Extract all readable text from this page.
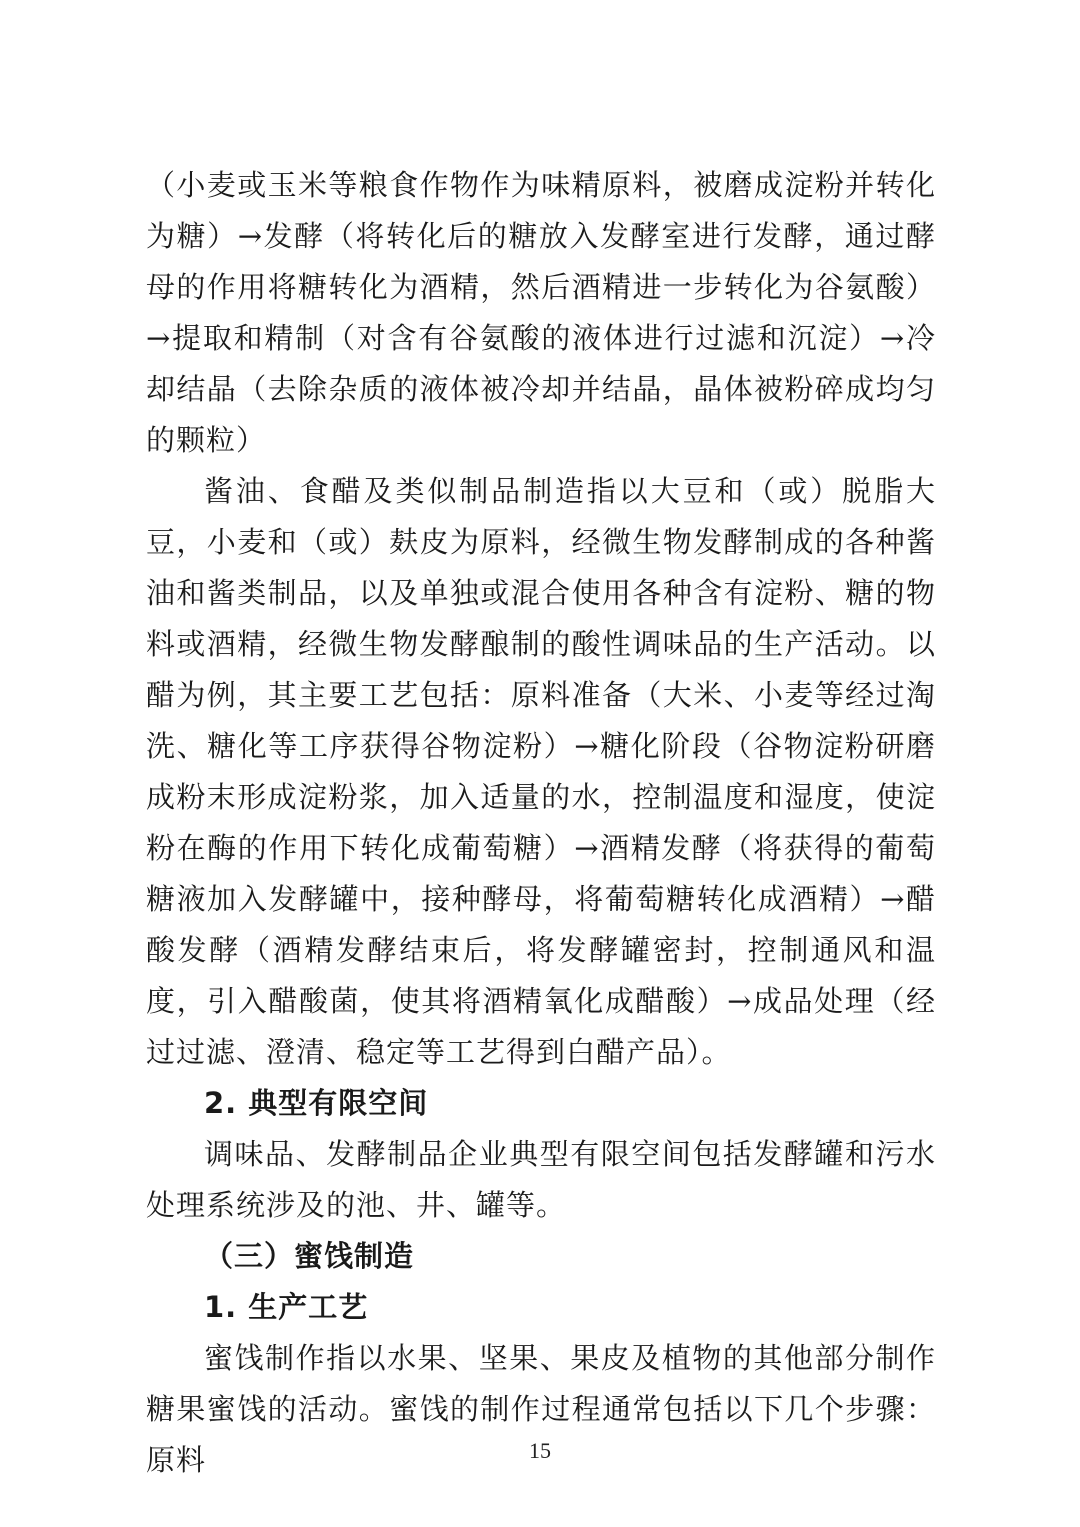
（小麦或玉米等粮食作物作为味精原料，被磨成淀粉并转化为糖）→发酵（将转化后的糖放入发酵室进行发酵，通过酵母的作用将糖转化为酒精，然后酒精进一步转化为谷氨酸）→提取和精制（对含有谷氨酸的液体进行过滤和沉淀）→冷却结晶（去除杂质的液体被冷却并结晶，晶体被粉碎成均匀的颗粒）

酱油、食醋及类似制品制造指以大豆和（或）脱脂大豆，小麦和（或）麸皮为原料，经微生物发酵制成的各种酱油和酱类制品，以及单独或混合使用各种含有淀粉、糖的物料或酒精，经微生物发酵酿制的酸性调味品的生产活动。以醋为例，其主要工艺包括：原料准备（大米、小麦等经过淘洗、糖化等工序获得谷物淀粉）→糖化阶段（谷物淀粉研磨成粉末形成淀粉浆，加入适量的水，控制温度和湿度，使淀粉在酶的作用下转化成葡萄糖）→酒精发酵（将获得的葡萄糖液加入发酵罐中，接种酵母，将葡萄糖转化成酒精）→醋酸发酵（酒精发酵结束后，将发酵罐密封，控制通风和温度，引入醋酸菌，使其将酒精氧化成醋酸）→成品处理（经过过滤、澄清、稳定等工艺得到白醋产品）。

2. 典型有限空间

调味品、发酵制品企业典型有限空间包括发酵罐和污水处理系统涉及的池、井、罐等。

（三）蜜饯制造

1. 生产工艺

蜜饯制作指以水果、坚果、果皮及植物的其他部分制作糖果蜜饯的活动。蜜饯的制作过程通常包括以下几个步骤：原料	15
